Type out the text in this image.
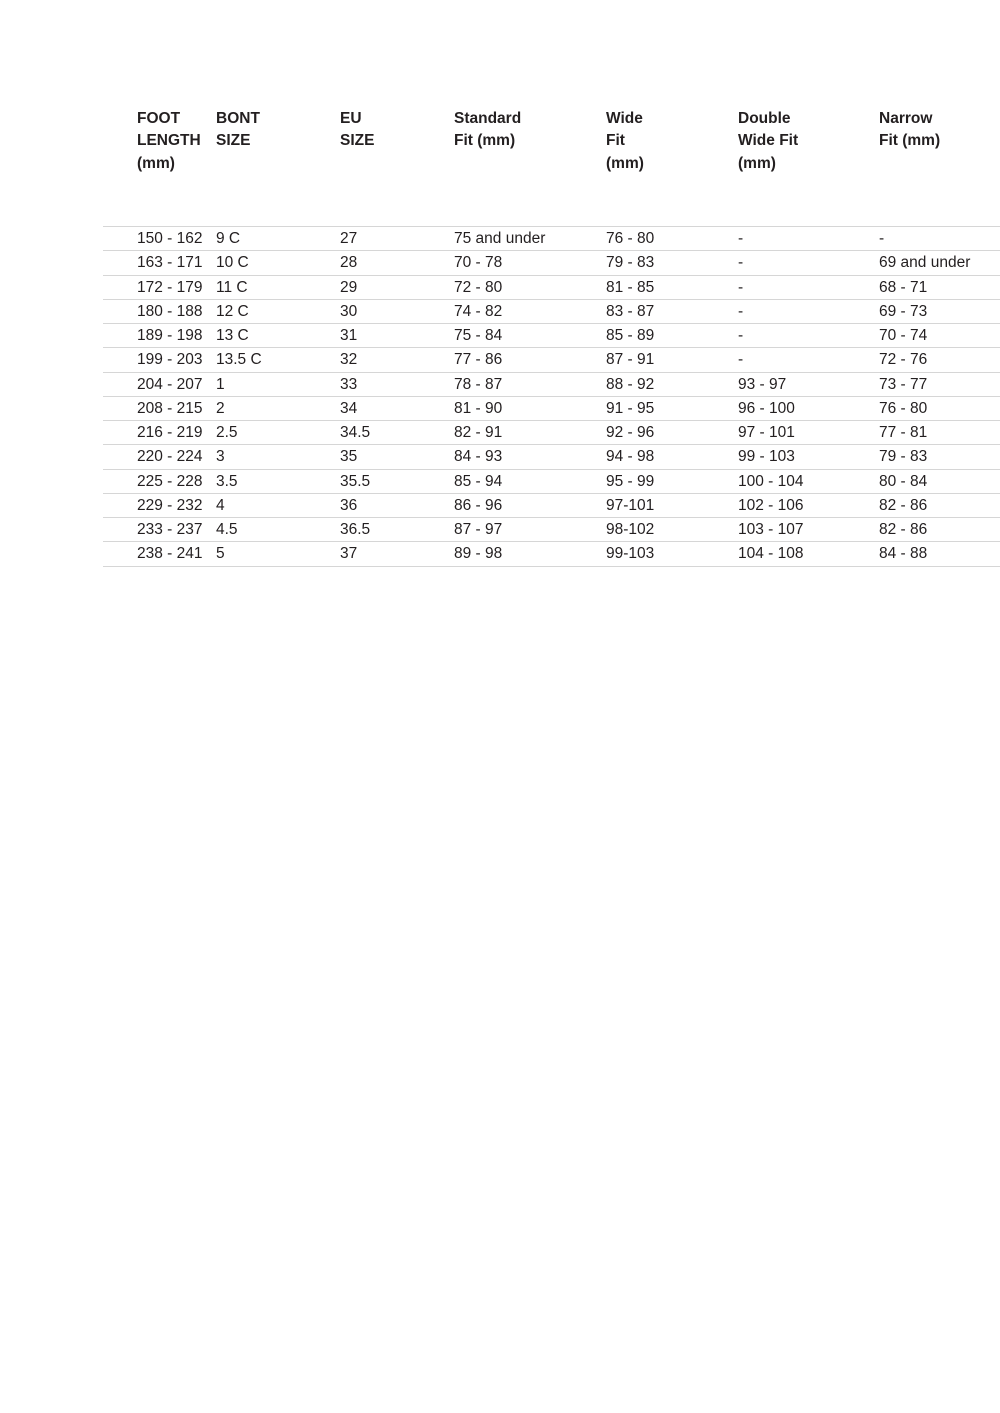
FOOT
LENGTH
(mm)	BONT
SIZE	EU
SIZE	Standard
Fit (mm)	Wide
Fit
(mm)	Double
Wide Fit
(mm)	Narrow
Fit (mm)

150 - 162	9 C	27	75 and under	76 - 80	-	-
163 - 171	10 C	28	70 - 78	79 - 83	-	69 and under
172 - 179	11 C	29	72 - 80	81 - 85	-	68 - 71
180 - 188	12 C	30	74 - 82	83 - 87	-	69 - 73
189 - 198	13 C	31	75 - 84	85 - 89	-	70 - 74
199 - 203	13.5 C	32	77 - 86	87 - 91	-	72 - 76
204 - 207	1	33	78 - 87	88 - 92	93 - 97	73 - 77
208 - 215	2	34	81 - 90	91 - 95	96 - 100	76 - 80
216 - 219	2.5	34.5	82 - 91	92 - 96	97 - 101	77 - 81
220 - 224	3	35	84 - 93	94 - 98	99 - 103	79 - 83
225 - 228	3.5	35.5	85 - 94	95 - 99	100 - 104	80 - 84
229 - 232	4	36	86 - 96	97-101	102 - 106	82 - 86
233 - 237	4.5	36.5	87 - 97	98-102	103 - 107	82 - 86
238 - 241	5	37	89 - 98	99-103	104 - 108	84 - 88
